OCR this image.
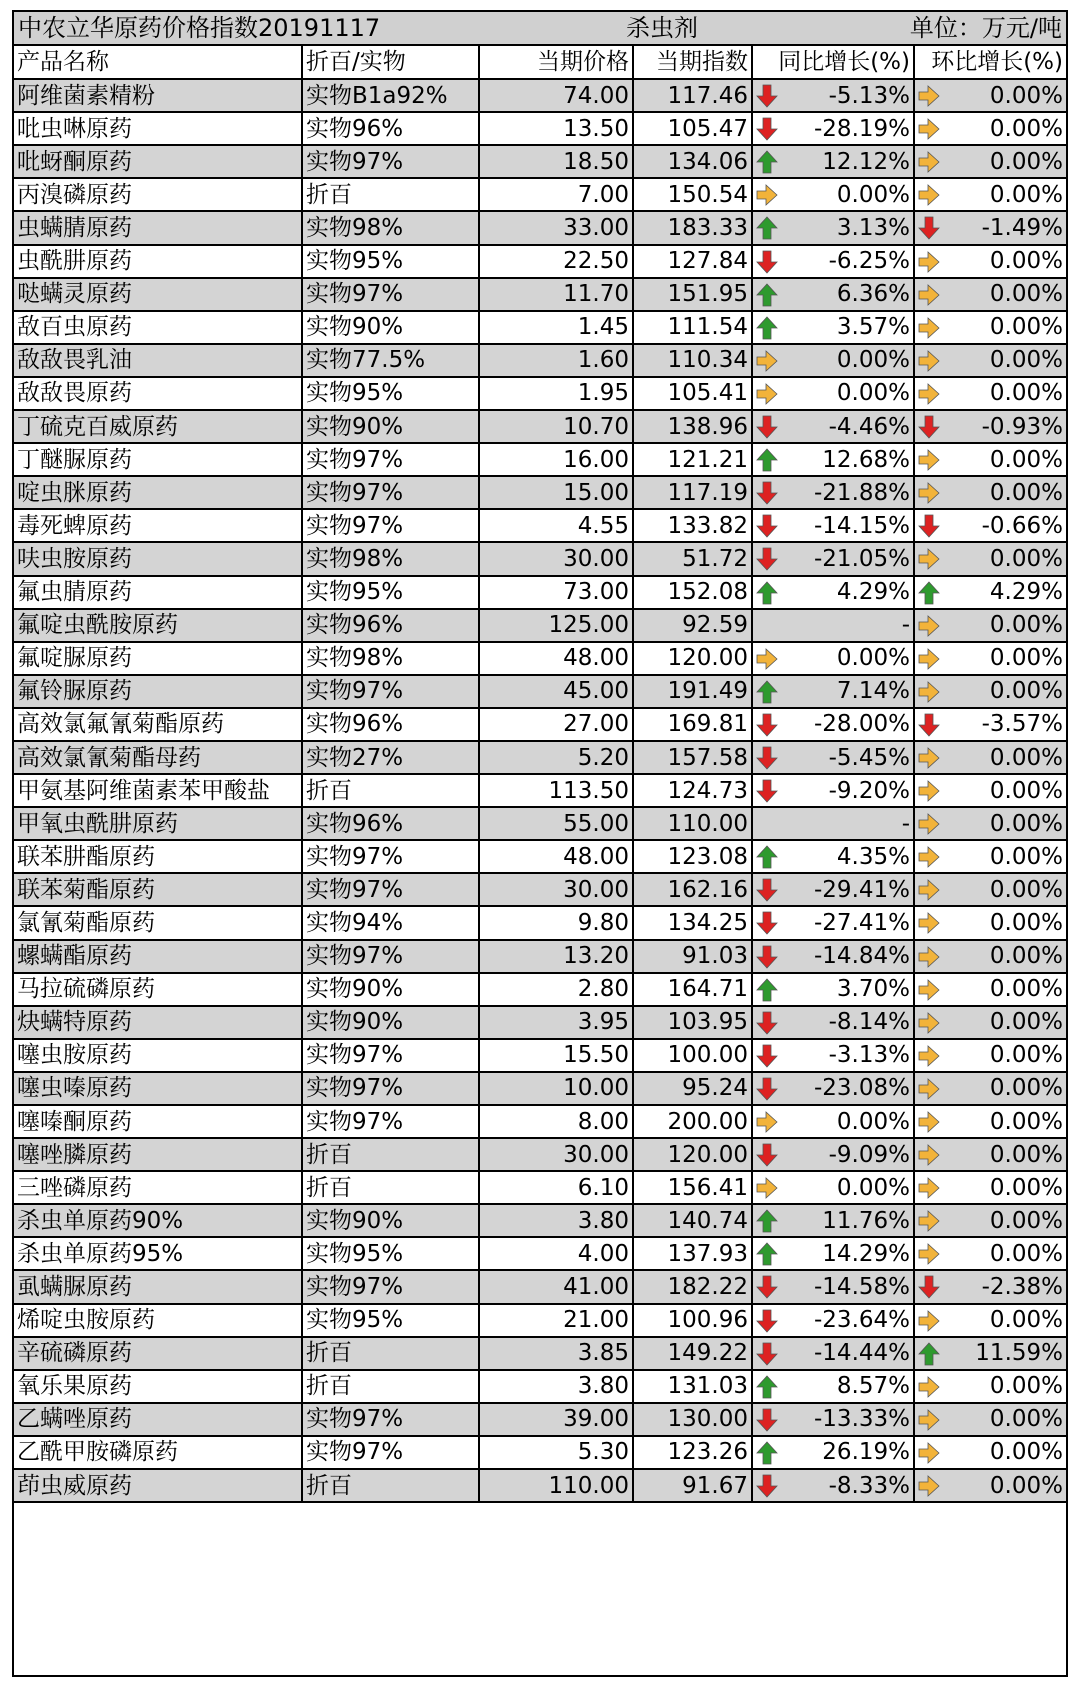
中农立华原药价格指数20191117	杀虫剂	单位：万元/吨
产品名称	折百/实物	当期价格	当期指数	同比增长(%)	环比增长(%)
阿维菌素精粉	实物B1a92%	74.00	117.46	-5.13%	0.00%

吡虫啉原药	实物96%	13.50	105.47	-28.19%	0.00%

吡蚜酮原药	实物97%	18.50	134.06	12.12%	0.00%

丙溴磷原药	折百	7.00	150.54	0.00%	0.00%

虫螨腈原药	实物98%	33.00	183.33	3.13%	-1.49%

虫酰肼原药	实物95%	22.50	127.84	-6.25%	0.00%

哒螨灵原药	实物97%	11.70	151.95	6.36%	0.00%

敌百虫原药	实物90%	1.45	111.54	3.57%	0.00%

敌敌畏乳油	实物77.5%	1.60	110.34	0.00%	0.00%

敌敌畏原药	实物95%	1.95	105.41	0.00%	0.00%

丁硫克百威原药	实物90%	10.70	138.96	-4.46%	-0.93%

丁醚脲原药	实物97%	16.00	121.21	12.68%	0.00%

啶虫脒原药	实物97%	15.00	117.19	-21.88%	0.00%

毒死蜱原药	实物97%	4.55	133.82	-14.15%	-0.66%

呋虫胺原药	实物98%	30.00	51.72	-21.05%	0.00%

氟虫腈原药	实物95%	73.00	152.08	4.29%	4.29%

氟啶虫酰胺原药	实物96%	125.00	92.59	-	0.00%

氟啶脲原药	实物98%	48.00	120.00	0.00%	0.00%

氟铃脲原药	实物97%	45.00	191.49	7.14%	0.00%

高效氯氟氰菊酯原药	实物96%	27.00	169.81	-28.00%	-3.57%

高效氯氰菊酯母药	实物27%	5.20	157.58	-5.45%	0.00%

甲氨基阿维菌素苯甲酸盐	折百	113.50	124.73	-9.20%	0.00%

甲氧虫酰肼原药	实物96%	55.00	110.00	-	0.00%

联苯肼酯原药	实物97%	48.00	123.08	4.35%	0.00%

联苯菊酯原药	实物97%	30.00	162.16	-29.41%	0.00%

氯氰菊酯原药	实物94%	9.80	134.25	-27.41%	0.00%

螺螨酯原药	实物97%	13.20	91.03	-14.84%	0.00%

马拉硫磷原药	实物90%	2.80	164.71	3.70%	0.00%

炔螨特原药	实物90%	3.95	103.95	-8.14%	0.00%

噻虫胺原药	实物97%	15.50	100.00	-3.13%	0.00%

噻虫嗪原药	实物97%	10.00	95.24	-23.08%	0.00%

噻嗪酮原药	实物97%	8.00	200.00	0.00%	0.00%

噻唑膦原药	折百	30.00	120.00	-9.09%	0.00%

三唑磷原药	折百	6.10	156.41	0.00%	0.00%

杀虫单原药90%	实物90%	3.80	140.74	11.76%	0.00%

杀虫单原药95%	实物95%	4.00	137.93	14.29%	0.00%

虱螨脲原药	实物97%	41.00	182.22	-14.58%	-2.38%

烯啶虫胺原药	实物95%	21.00	100.96	-23.64%	0.00%

辛硫磷原药	折百	3.85	149.22	-14.44%	11.59%

氧乐果原药	折百	3.80	131.03	8.57%	0.00%

乙螨唑原药	实物97%	39.00	130.00	-13.33%	0.00%

乙酰甲胺磷原药	实物97%	5.30	123.26	26.19%	0.00%

茚虫威原药	折百	110.00	91.67	-8.33%	0.00%
